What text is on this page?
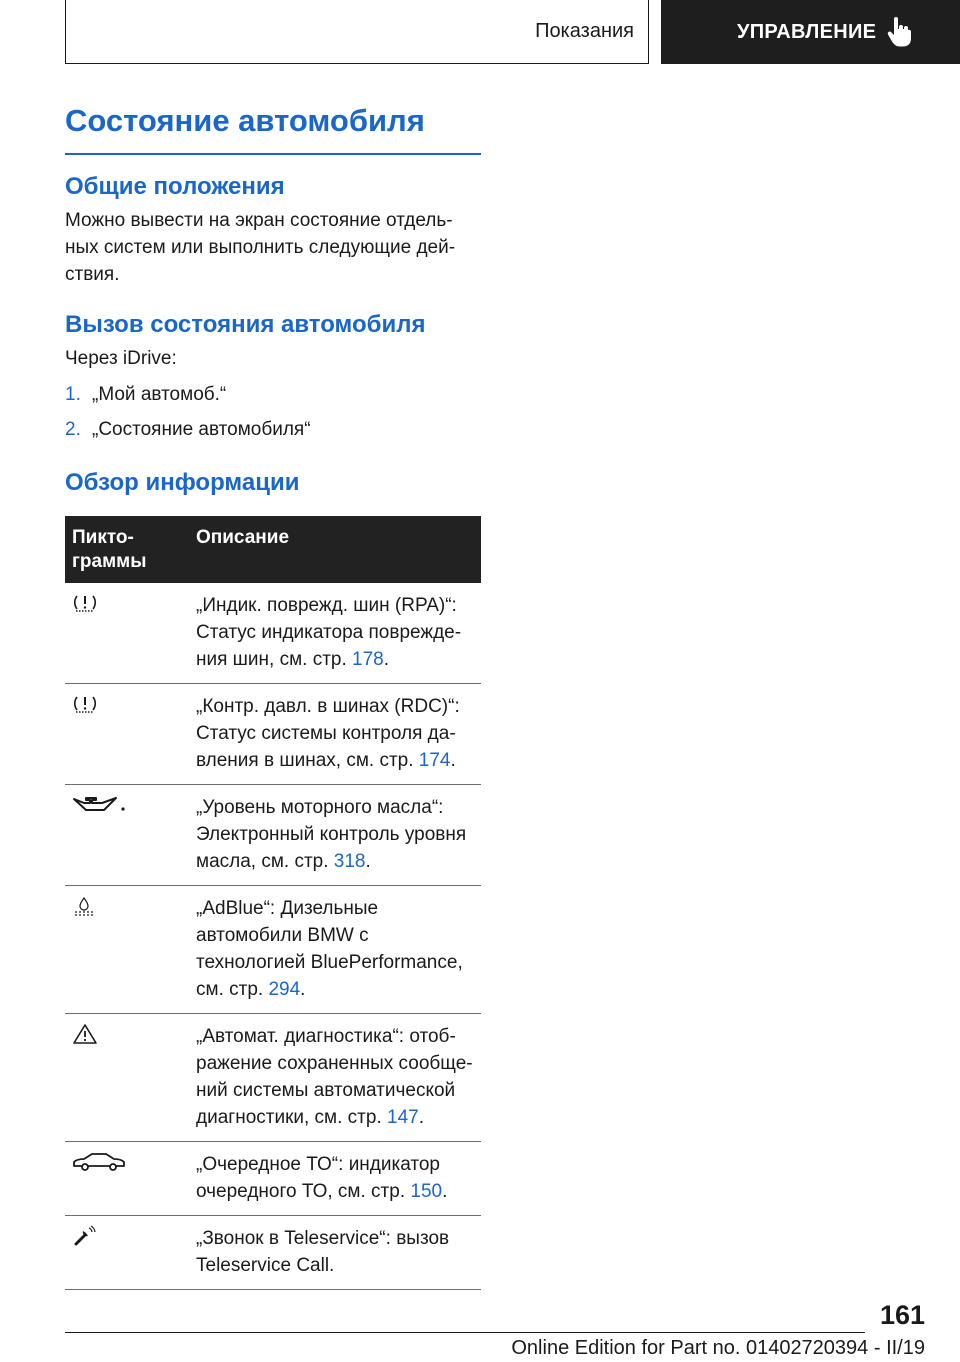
Показания	УПРАВЛЕНИЕ
Состояние автомобиля
Общие положения
Можно вывести на экран состояние отдель-
ных систем или выполнить следующие дей-
ствия.
Вызов состояния автомобиля
Через iDrive:
1. „Мой автомоб.“
2. „Состояние автомобиля“
Обзор информации
Пикто-
граммы	Описание

	„Индик. поврежд. шин (RPA)“:
Статус индикатора поврежде-
ния шин, см. стр. 178.

	„Контр. давл. в шинах (RDC)“:
Статус системы контроля да-
вления в шинах, см. стр. 174.

	„Уровень моторного масла“:
Электронный контроль уровня
масла, см. стр. 318.

	„AdBlue“: Дизельные
автомобили BMW с
технологией BluePerformance,
см. стр. 294.

	„Автомат. диагностика“: отоб-
ражение сохраненных сообще-
ний системы автоматической
диагностики, см. стр. 147.

	„Очередное ТО“: индикатор
очередного ТО, см. стр. 150.

	„Звонок в Teleservice“: вызов
Teleservice Call.
161
Online Edition for Part no. 01402720394 - II/19
